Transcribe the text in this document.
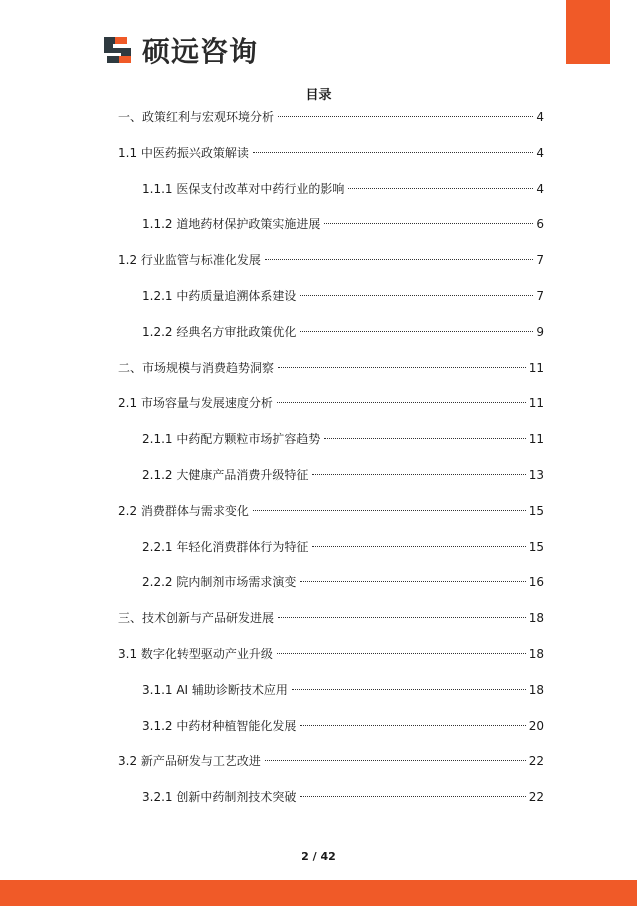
硕远咨询
目录
一、政策红利与宏观环境分析	4
1.1 中医药振兴政策解读	4
1.1.1 医保支付改革对中药行业的影响	4
1.1.2 道地药材保护政策实施进展	6
1.2 行业监管与标准化发展	7
1.2.1 中药质量追溯体系建设	7
1.2.2 经典名方审批政策优化	9
二、市场规模与消费趋势洞察	11
2.1 市场容量与发展速度分析	11
2.1.1 中药配方颗粒市场扩容趋势	11
2.1.2 大健康产品消费升级特征	13
2.2 消费群体与需求变化	15
2.2.1 年轻化消费群体行为特征	15
2.2.2 院内制剂市场需求演变	16
三、技术创新与产品研发进展	18
3.1 数字化转型驱动产业升级	18
3.1.1 AI 辅助诊断技术应用	18
3.1.2 中药材种植智能化发展	20
3.2 新产品研发与工艺改进	22
3.2.1 创新中药制剂技术突破	22
2 / 42
